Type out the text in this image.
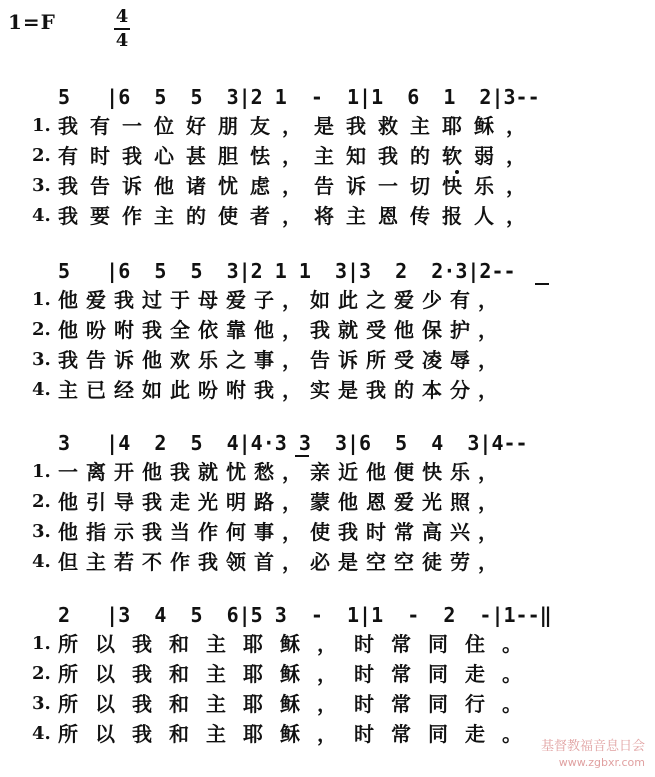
1=F	4
4
5   |6  5  5  3|2 1  -  1|1  6  1  2|3--
1. 我有一位好朋友，是我救主耶稣，
2. 有时我心甚胆怯，主知我的软弱，
3. 我告诉他诸忧虑，告诉一切快乐，
4. 我要作主的使者，将主恩传报人，
5   |6  5  5  3|2 1 1  3|3  2  2·3|2--
1. 他爱我过于母爱子，如此之爱少有，
2. 他吩咐我全依靠他，我就受他保护，
3. 我告诉他欢乐之事，告诉所受凌辱，
4. 主已经如此吩咐我，实是我的本分，
3   |4  2  5  4|4·3 3  3|6  5  4  3|4--
1. 一离开他我就忧愁，亲近他便快乐，
2. 他引导我走光明路，蒙他恩爱光照，
3. 他指示我当作何事，使我时常高兴，
4. 但主若不作我领首，必是空空徒劳，
2   |3  4  5  6|5 3  -  1|1  -  2  -|1--‖
1. 所以我和主耶稣，时常同住。
2. 所以我和主耶稣，时常同走。
3. 所以我和主耶稣，时常同行。
4. 所以我和主耶稣，时常同走。
基督教福音息日会
www.zgbxr.com
